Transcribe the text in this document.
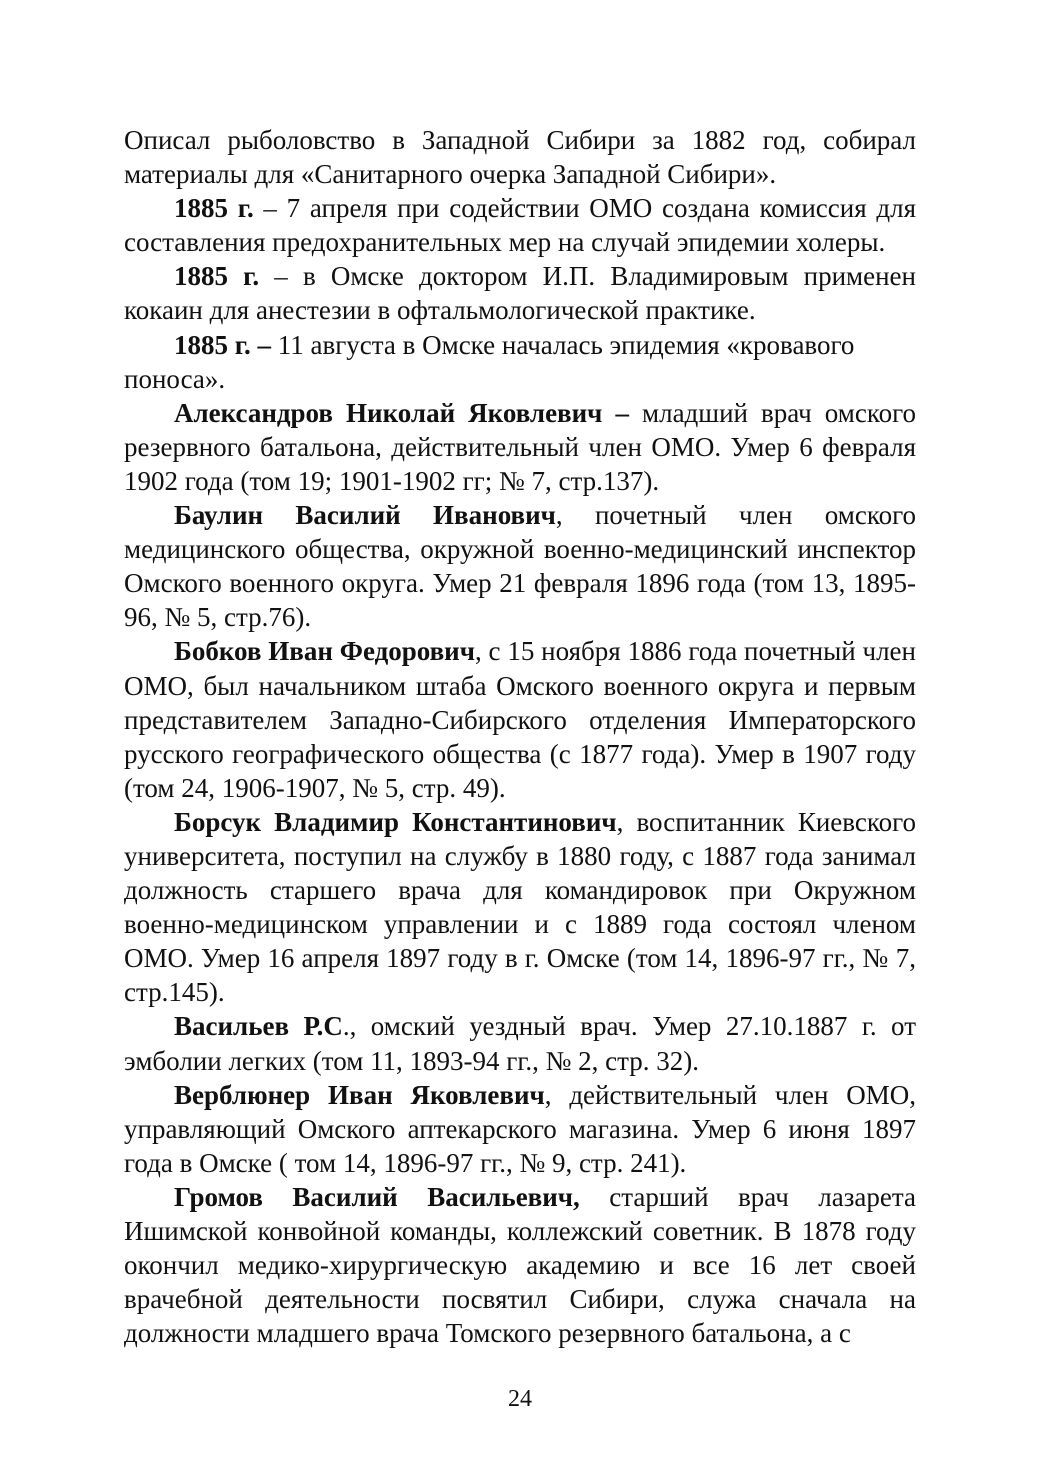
Описал рыболовство в Западной Сибири за 1882 год, собирал материалы для «Санитарного очерка Западной Сибири».

1885 г. – 7 апреля при содействии ОМО создана комиссия для составления предохранительных мер на случай эпидемии холеры.

1885 г. – в Омске доктором И.П. Владимировым применен кокаин для анестезии в офтальмологической практике.

1885 г. – 11 августа в Омске началась эпидемия «кровавого поноса».

Александров Николай Яковлевич – младший врач омского резервного батальона, действительный член ОМО. Умер 6 февраля 1902 года (том 19; 1901-1902 гг; № 7, стр.137).

Баулин Василий Иванович, почетный член омского медицинского общества, окружной военно-медицинский инспектор Омского военного округа. Умер 21 февраля 1896 года (том 13, 1895-96, № 5, стр.76).

Бобков Иван Федорович, с 15 ноября 1886 года почетный член ОМО, был начальником штаба Омского военного округа и первым представителем Западно-Сибирского отделения Императорского русского географического общества (с 1877 года). Умер в 1907 году (том 24, 1906-1907, № 5, стр. 49).

Борсук Владимир Константинович, воспитанник Киевского университета, поступил на службу в 1880 году, с 1887 года занимал должность старшего врача для командировок при Окружном военно-медицинском управлении и с 1889 года состоял членом ОМО. Умер 16 апреля 1897 году в г. Омске (том 14, 1896-97 гг., № 7, стр.145).

Васильев Р.С., омский уездный врач. Умер 27.10.1887 г. от эмболии легких (том 11, 1893-94 гг., № 2, стр. 32).

Верблюнер Иван Яковлевич, действительный член ОМО, управляющий Омского аптекарского магазина. Умер 6 июня 1897 года в Омске ( том 14, 1896-97 гг., № 9, стр. 241).

Громов Василий Васильевич, старший врач лазарета Ишимской конвойной команды, коллежский советник. В 1878 году окончил медико-хирургическую академию и все 16 лет своей врачебной деятельности посвятил Сибири, служа сначала на должности младшего врача Томского резервного батальона, а с

24
